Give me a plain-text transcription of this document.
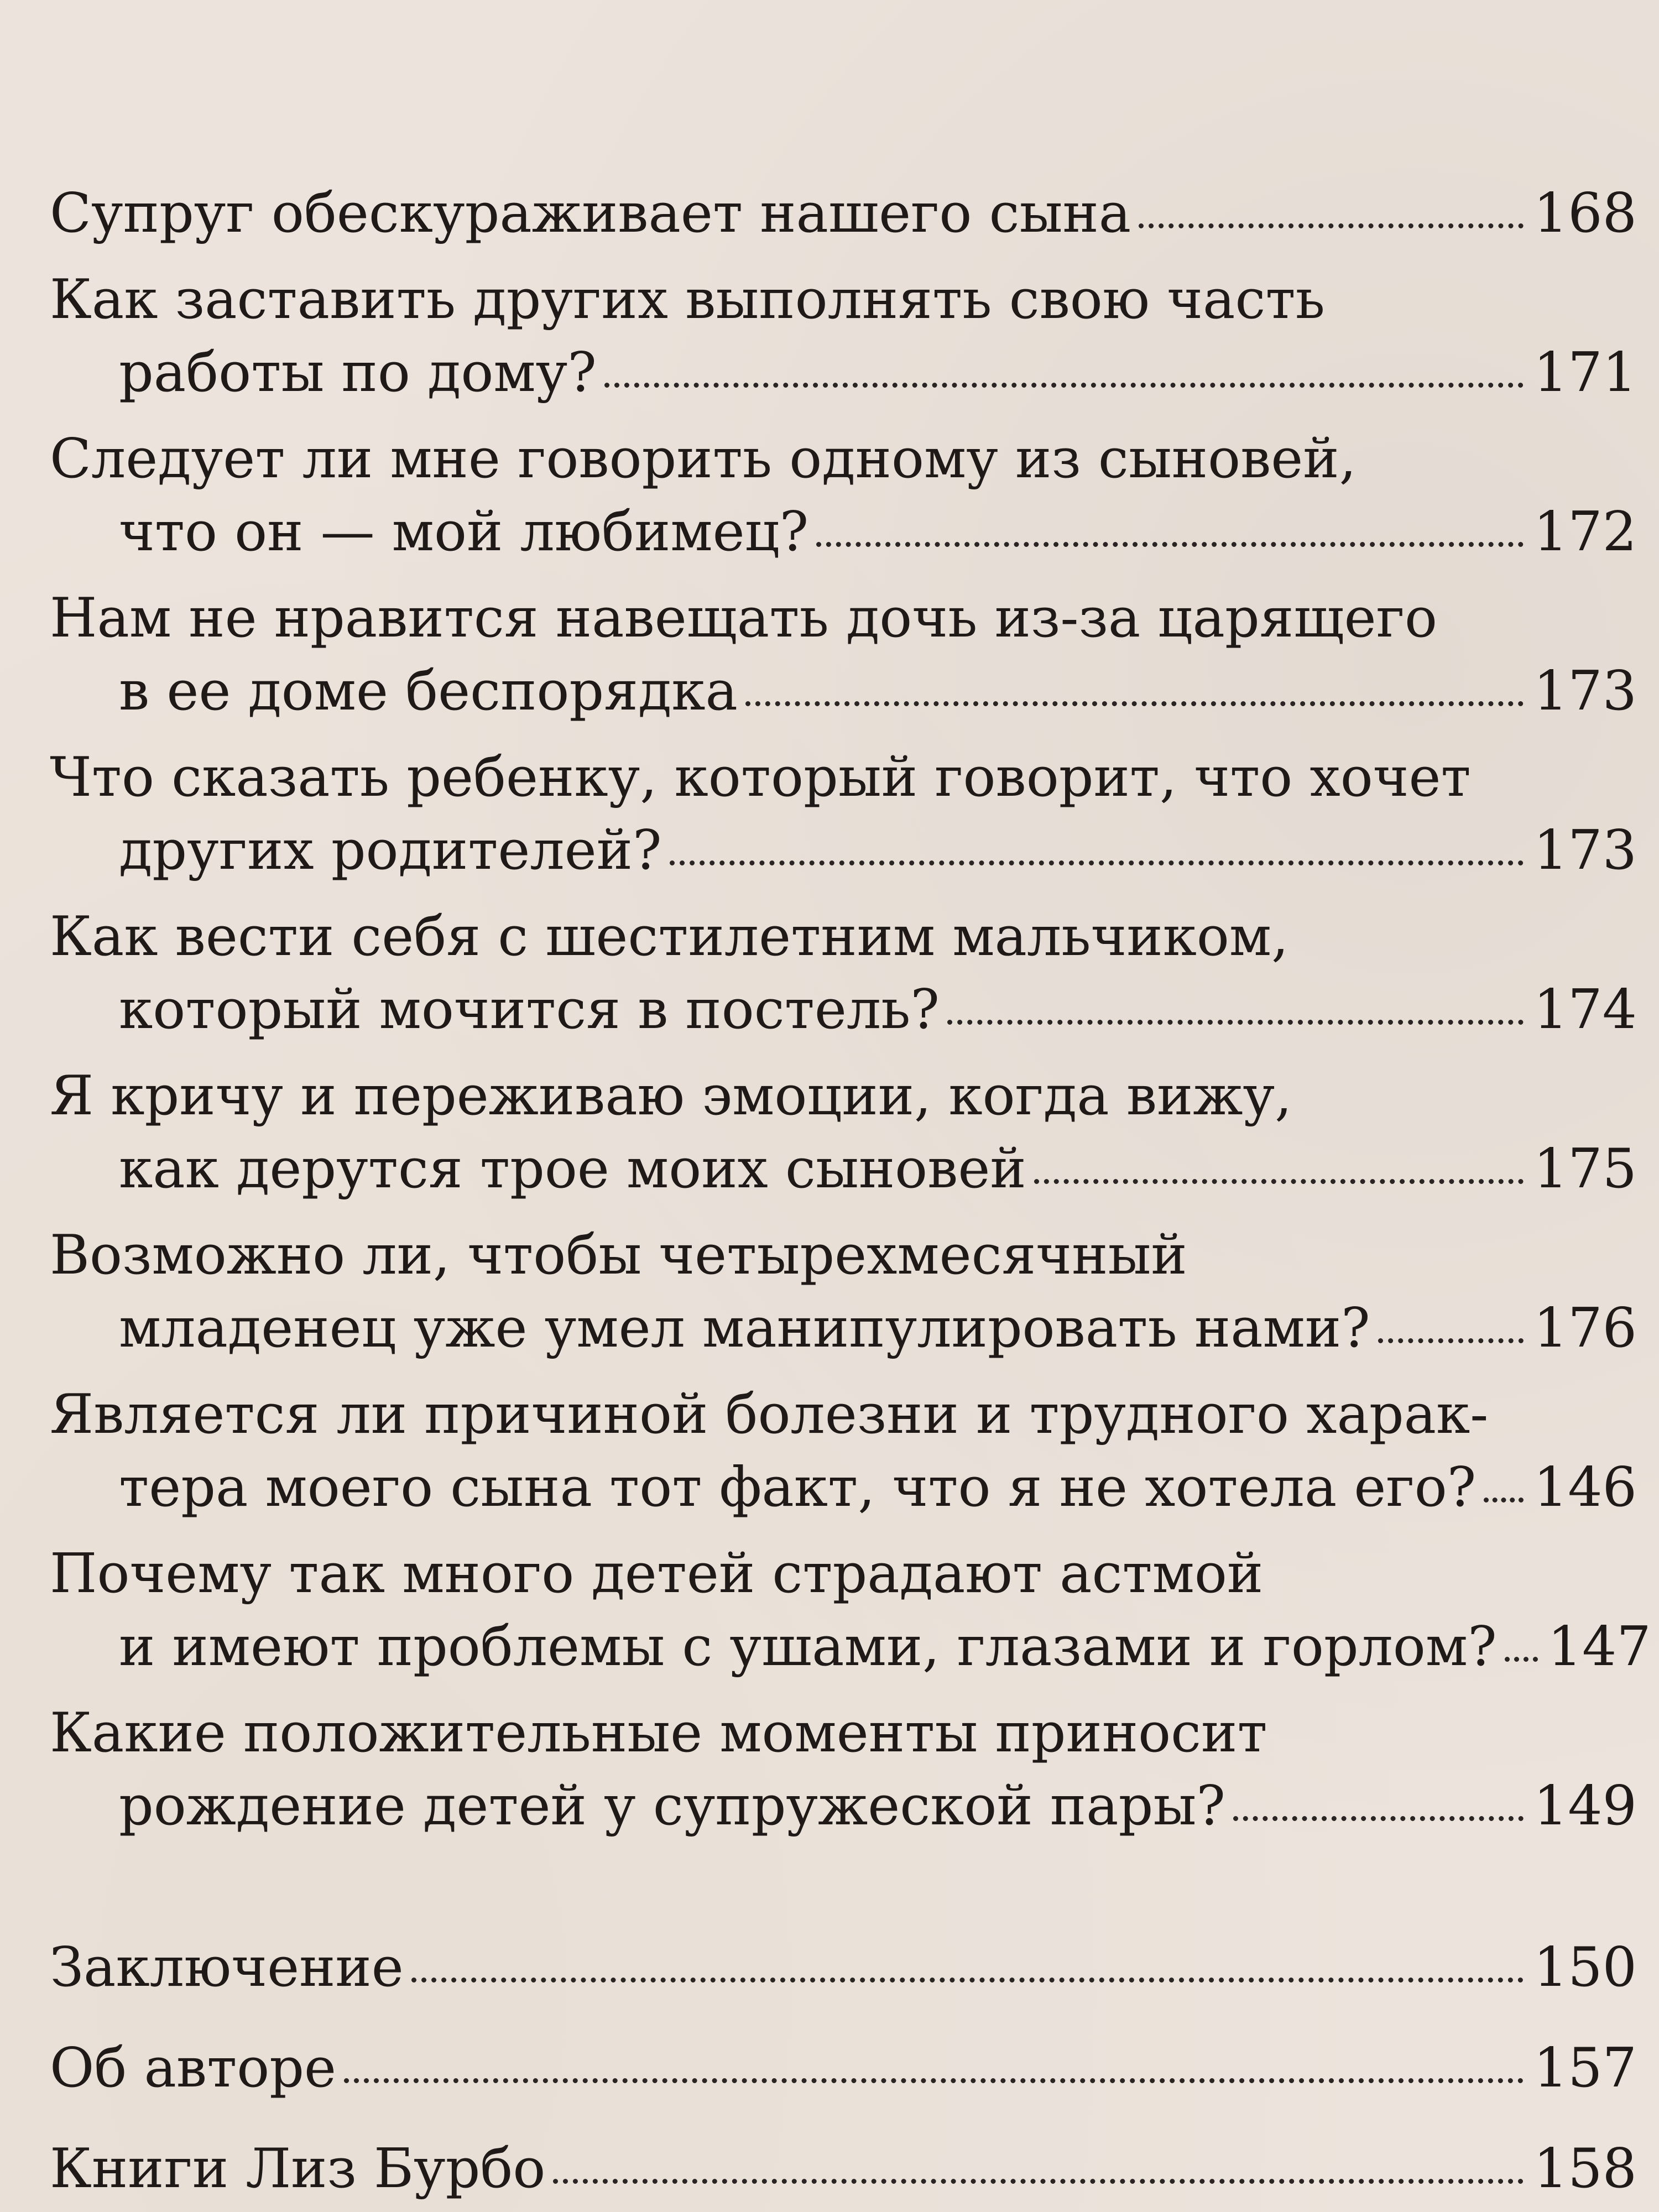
Супруг обескураживает нашего сына	168
Как заставить других выполнять свою часть
работы по дому?	171
Следует ли мне говорить одному из сыновей,
что он — мой любимец?	172
Нам не нравится навещать дочь из-за царящего
в ее доме беспорядка	173
Что сказать ребенку, который говорит, что хочет
других родителей?	173
Как вести себя с шестилетним мальчиком,
который мочится в постель?	174
Я кричу и переживаю эмоции, когда вижу,
как дерутся трое моих сыновей	175
Возможно ли, чтобы четырехмесячный
младенец уже умел манипулировать нами?	176
Является ли причиной болезни и трудного харак-
тера моего сына тот факт, что я не хотела его? 146
Почему так много детей страдают астмой
и имеют проблемы с ушами, глазами и горлом? 147
Какие положительные моменты приносит
рождение детей у супружеской пары?	149
Заключение	150
Об авторе	157
Книги Лиз Бурбо	158
